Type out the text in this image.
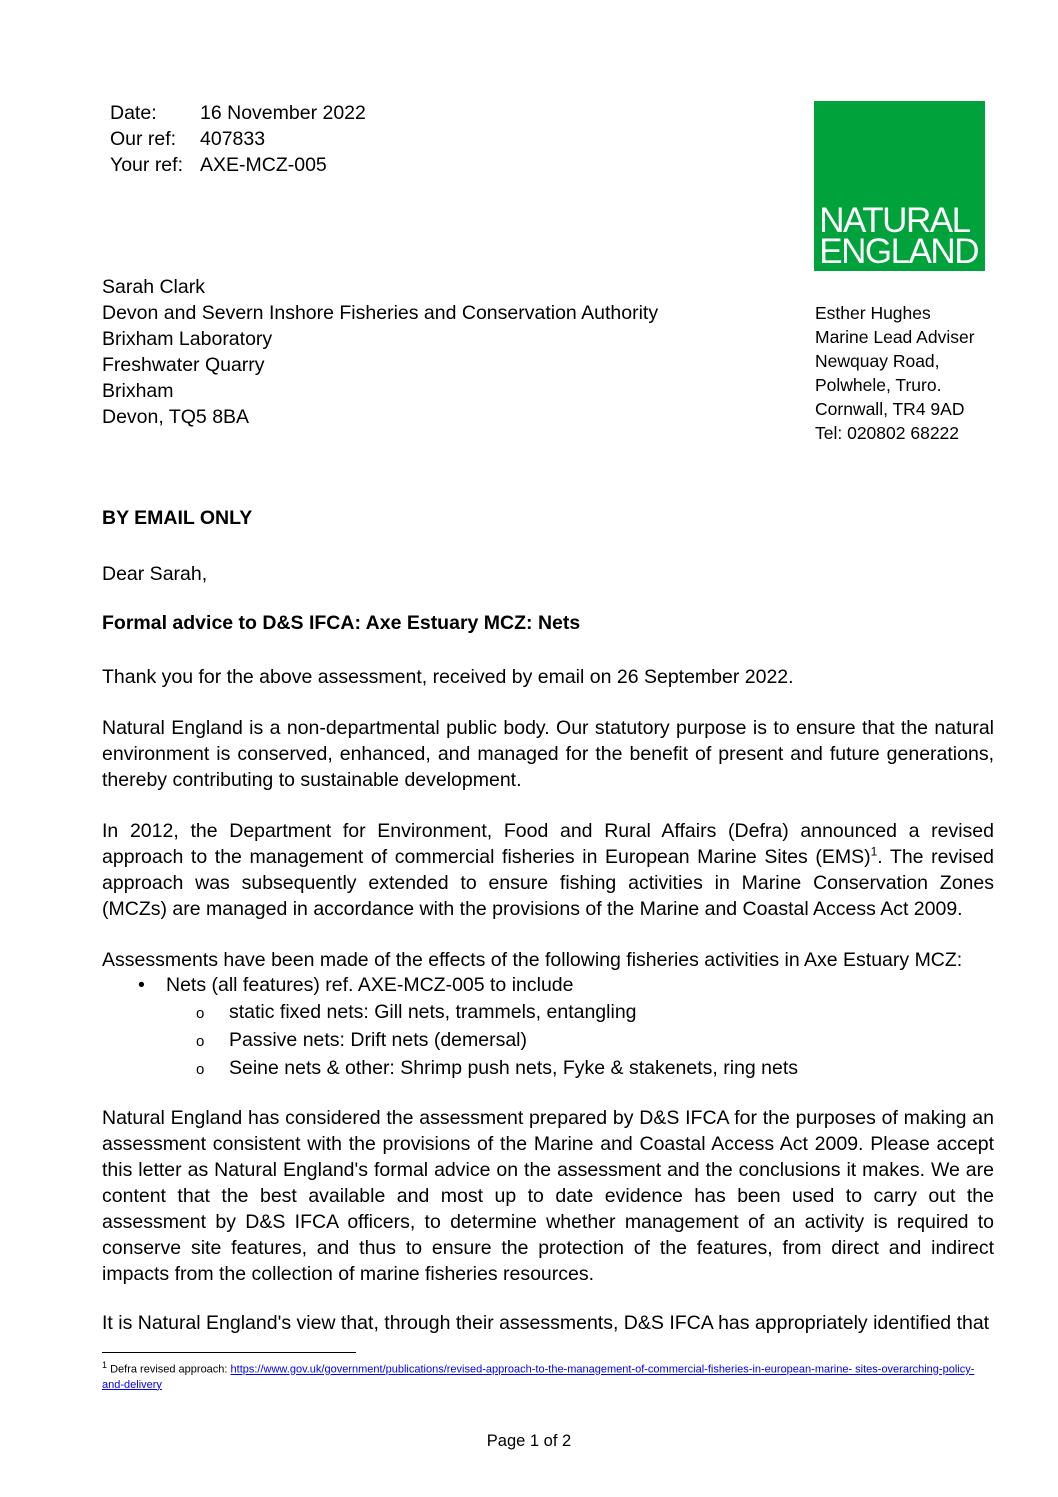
Date:	16 November 2022
Our ref:	407833
Your ref: AXE-MCZ-005
NATURAL
ENGLAND
Sarah Clark
Devon and Severn Inshore Fisheries and Conservation Authority
Brixham Laboratory
Freshwater Quarry
Brixham
Devon, TQ5 8BA
Esther Hughes
Marine Lead Adviser
Newquay Road,
Polwhele, Truro.
Cornwall, TR4 9AD
Tel: 020802 68222
BY EMAIL ONLY
Dear Sarah,
Formal advice to D&S IFCA: Axe Estuary MCZ: Nets
Thank you for the above assessment, received by email on 26 September 2022.
Natural England is a non-departmental public body. Our statutory purpose is to ensure that the natural environment is conserved, enhanced, and managed for the benefit of present and future generations, thereby contributing to sustainable development.
In 2012, the Department for Environment, Food and Rural Affairs (Defra) announced a revised approach to the management of commercial fisheries in European Marine Sites (EMS)$^1$. The revised approach was subsequently extended to ensure fishing activities in Marine Conservation Zones (MCZs) are managed in accordance with the provisions of the Marine and Coastal Access Act 2009.
Assessments have been made of the effects of the following fisheries activities in Axe Estuary MCZ:
• Nets (all features) ref. AXE-MCZ-005 to include
o static fixed nets: Gill nets, trammels, entangling
o Passive nets: Drift nets (demersal)
o Seine nets & other: Shrimp push nets, Fyke & stakenets, ring nets
Natural England has considered the assessment prepared by D&S IFCA for the purposes of making an assessment consistent with the provisions of the Marine and Coastal Access Act 2009. Please accept this letter as Natural England's formal advice on the assessment and the conclusions it makes. We are content that the best available and most up to date evidence has been used to carry out the assessment by D&S IFCA officers, to determine whether management of an activity is required to conserve site features, and thus to ensure the protection of the features, from direct and indirect impacts from the collection of marine fisheries resources.
It is Natural England's view that, through their assessments, D&S IFCA has appropriately identified that
$^1$ Defra revised approach: https://www.gov.uk/government/publications/revised-approach-to-the-management-of-commercial-fisheries-in-european-marine- sites-overarching-policy-and-delivery
Page 1 of 2
